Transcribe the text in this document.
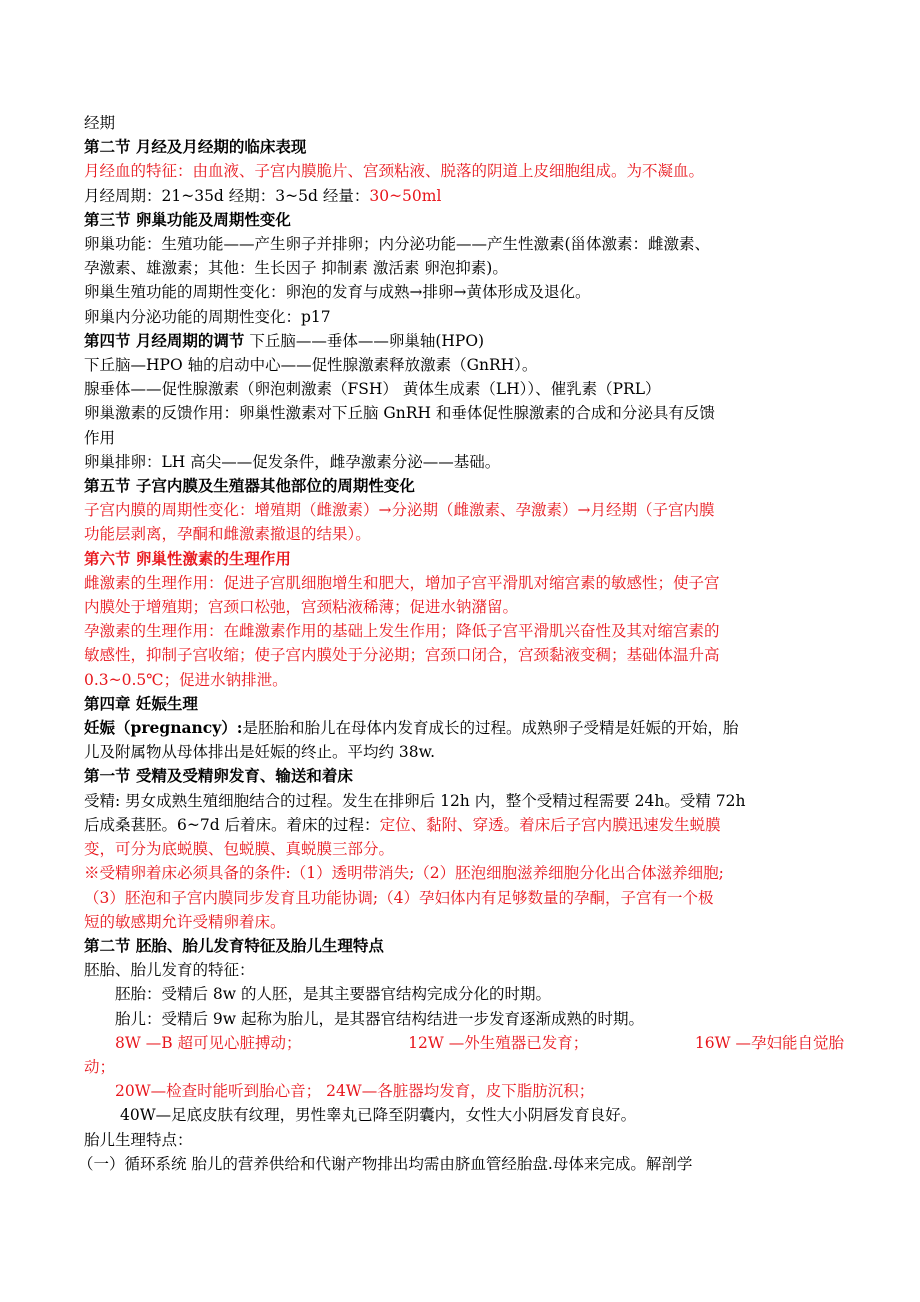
经期
第二节 月经及月经期的临床表现
月经血的特征：由血液、子宫内膜脆片、宫颈粘液、脱落的阴道上皮细胞组成。为不凝血。
月经周期：21~35d 经期：3~5d 经量：30~50ml
第三节 卵巢功能及周期性变化
卵巢功能：生殖功能——产生卵子并排卵；内分泌功能——产生性激素(甾体激素：雌激素、
孕激素、雄激素；其他：生长因子 抑制素 激活素 卵泡抑素)。
卵巢生殖功能的周期性变化：卵泡的发育与成熟→排卵→黄体形成及退化。
卵巢内分泌功能的周期性变化：p17
第四节 月经周期的调节 下丘脑——垂体——卵巢轴(HPO)
下丘脑—HPO 轴的启动中心——促性腺激素释放激素（GnRH）。
腺垂体——促性腺激素（卵泡刺激素（FSH） 黄体生成素（LH））、催乳素（PRL）
卵巢激素的反馈作用：卵巢性激素对下丘脑 GnRH 和垂体促性腺激素的合成和分泌具有反馈
作用
卵巢排卵：LH 高尖——促发条件，雌孕激素分泌——基础。
第五节 子宫内膜及生殖器其他部位的周期性变化
子宫内膜的周期性变化：增殖期（雌激素）→分泌期（雌激素、孕激素）→月经期（子宫内膜
功能层剥离，孕酮和雌激素撤退的结果）。
第六节 卵巢性激素的生理作用
雌激素的生理作用：促进子宫肌细胞增生和肥大，增加子宫平滑肌对缩宫素的敏感性；使子宫
内膜处于增殖期；宫颈口松弛，宫颈粘液稀薄；促进水钠潴留。
孕激素的生理作用：在雌激素作用的基础上发生作用；降低子宫平滑肌兴奋性及其对缩宫素的
敏感性，抑制子宫收缩；使子宫内膜处于分泌期；宫颈口闭合，宫颈黏液变稠；基础体温升高
0.3~0.5℃；促进水钠排泄。
第四章 妊娠生理
妊娠（pregnancy）:是胚胎和胎儿在母体内发育成长的过程。成熟卵子受精是妊娠的开始，胎
儿及附属物从母体排出是妊娠的终止。平均约 38w.
第一节 受精及受精卵发育、输送和着床
受精: 男女成熟生殖细胞结合的过程。发生在排卵后 12h 内，整个受精过程需要 24h。受精 72h
后成桑葚胚。6~7d 后着床。着床的过程：定位、黏附、穿透。着床后子宫内膜迅速发生蜕膜
变，可分为底蜕膜、包蜕膜、真蜕膜三部分。
※受精卵着床必须具备的条件:（1）透明带消失;（2）胚泡细胞滋养细胞分化出合体滋养细胞;
（3）胚泡和子宫内膜同步发育且功能协调;（4）孕妇体内有足够数量的孕酮，子宫有一个极
短的敏感期允许受精卵着床。
第二节 胚胎、胎儿发育特征及胎儿生理特点
胚胎、胎儿发育的特征：
胚胎：受精后 8w 的人胚，是其主要器官结构完成分化的时期。
胎儿：受精后 9w 起称为胎儿，是其器官结构结进一步发育逐渐成熟的时期。
8W —B 超可见心脏搏动；	12W —外生殖器已发育；	16W —孕妇能自觉胎
动；
20W—检查时能听到胎心音； 24W—各脏器均发育，皮下脂肪沉积；
40W—足底皮肤有纹理，男性睾丸已降至阴囊内，女性大小阴唇发育良好。
胎儿生理特点：
（一）循环系统 胎儿的营养供给和代谢产物排出均需由脐血管经胎盘.母体来完成。解剖学
